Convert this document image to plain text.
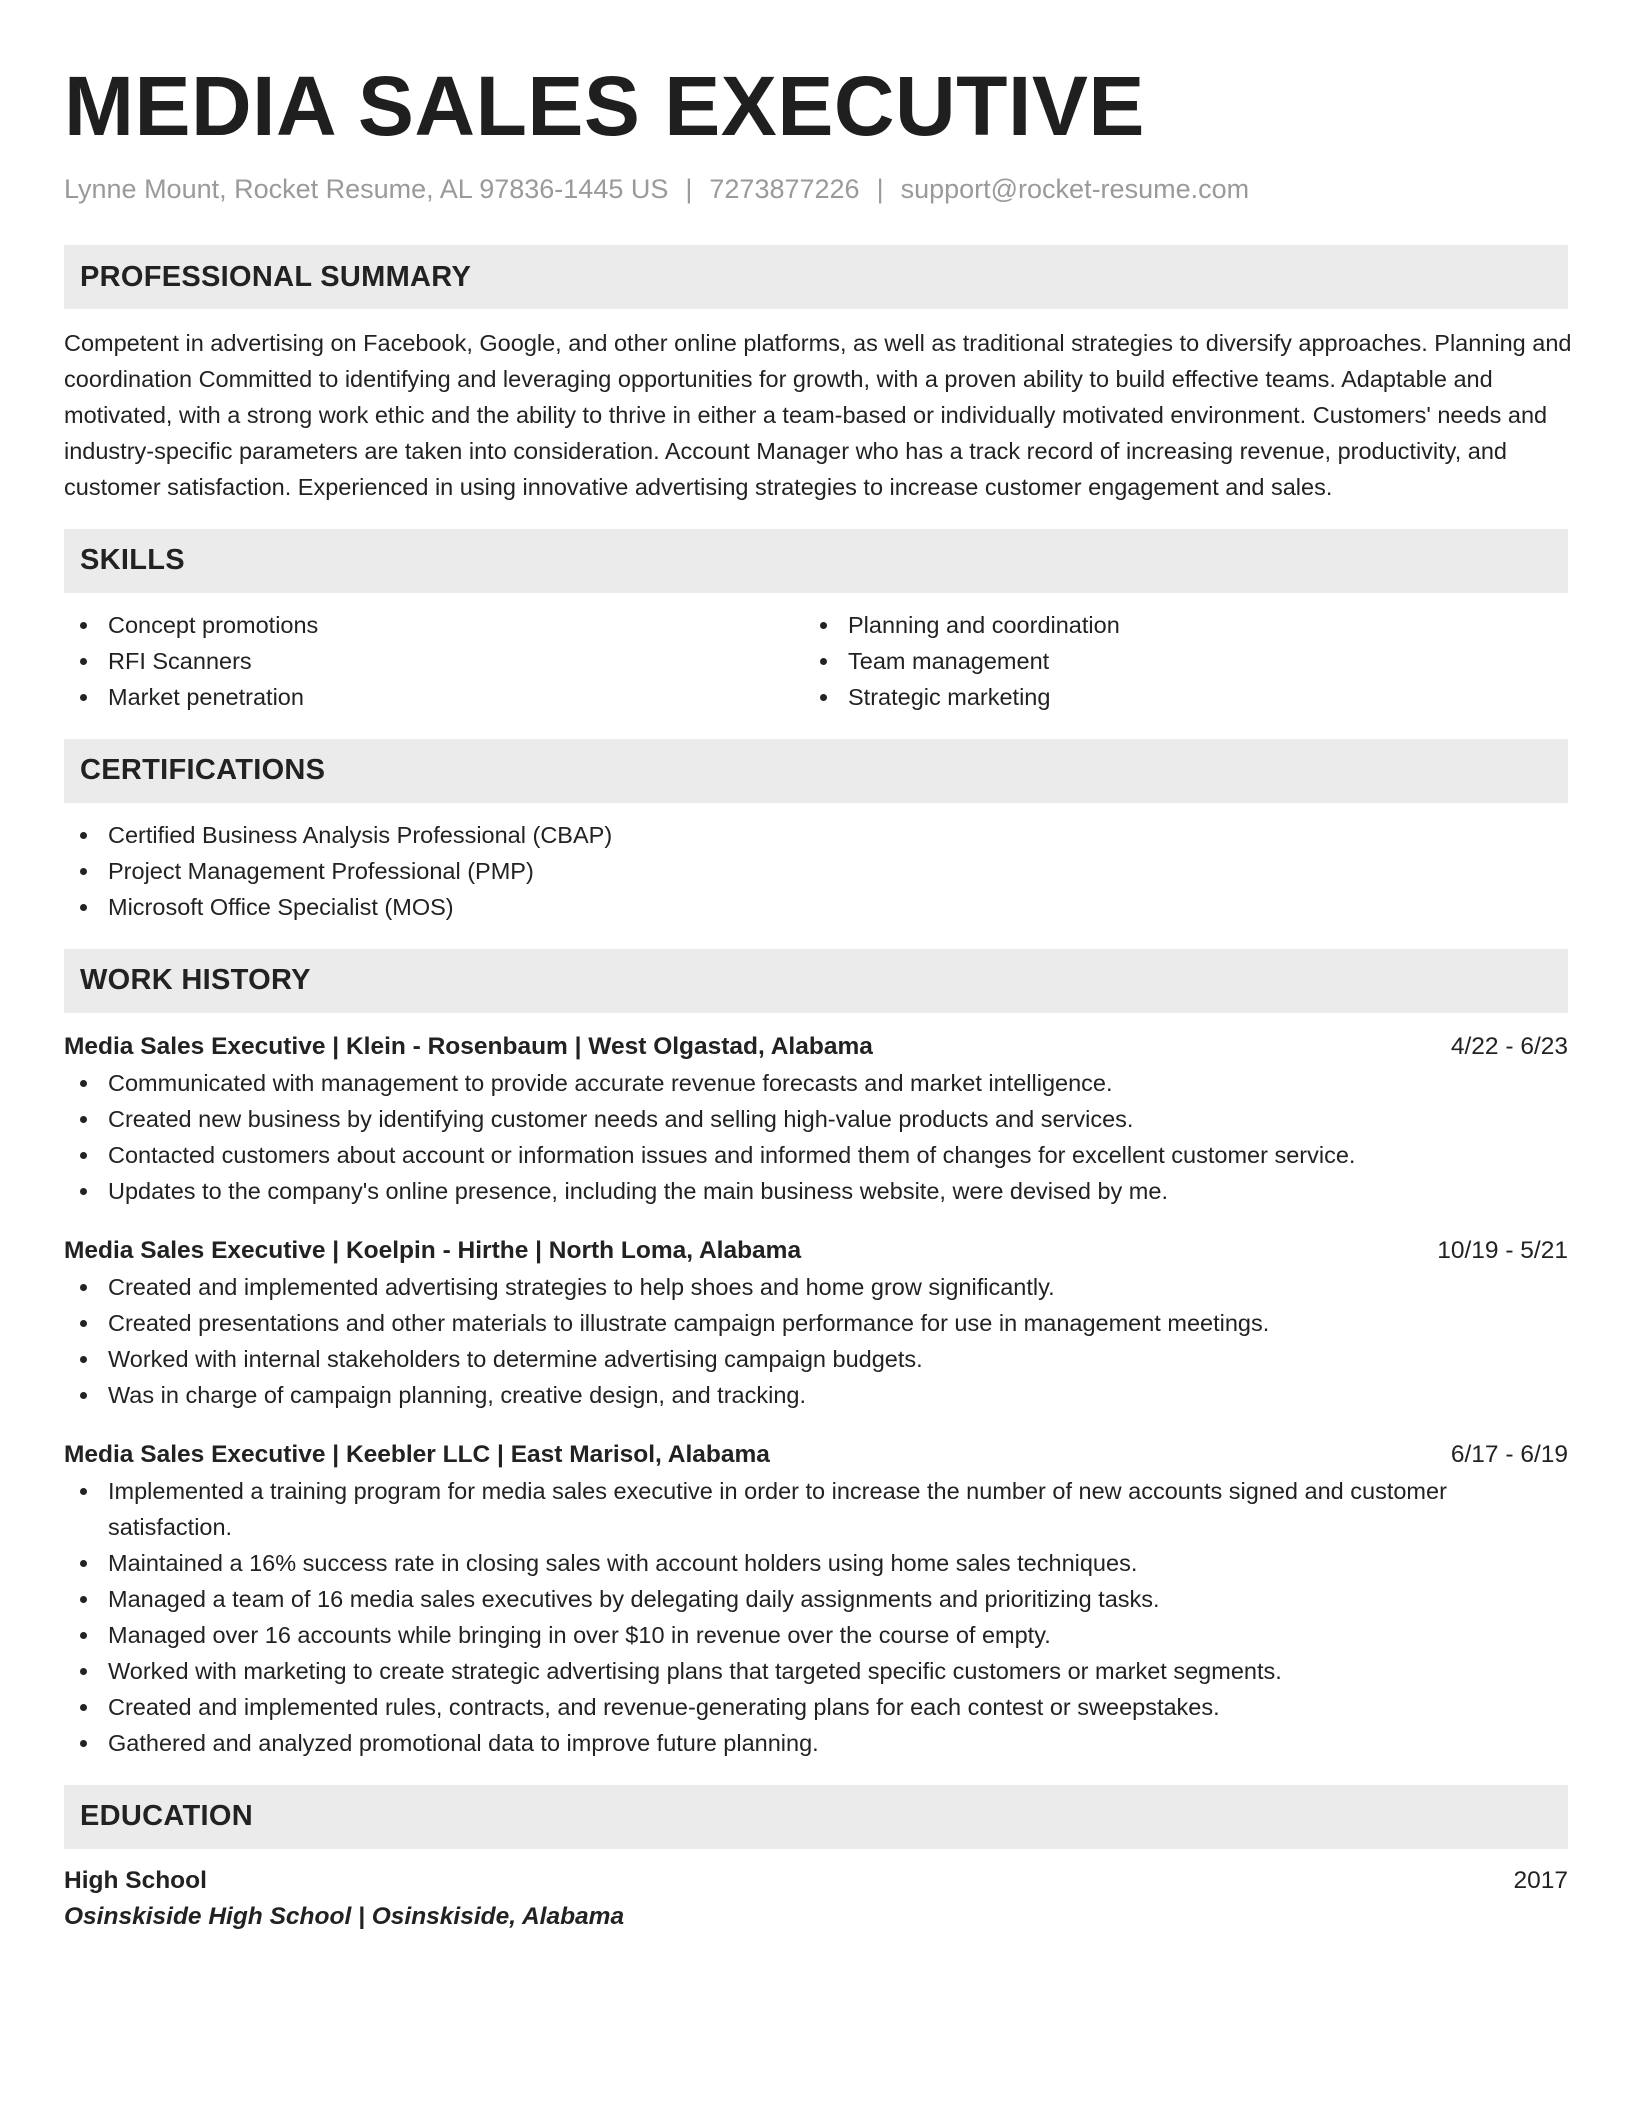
MEDIA SALES EXECUTIVE
Lynne Mount, Rocket Resume, AL 97836-1445 US | 7273877226 | support@rocket-resume.com
PROFESSIONAL SUMMARY

Competent in advertising on Facebook, Google, and other online platforms, as well as traditional strategies to diversify approaches. Planning and coordination Committed to identifying and leveraging opportunities for growth, with a proven ability to build effective teams. Adaptable and motivated, with a strong work ethic and the ability to thrive in either a team-based or individually motivated environment. Customers' needs and industry-specific parameters are taken into consideration. Account Manager who has a track record of increasing revenue, productivity, and customer satisfaction. Experienced in using innovative advertising strategies to increase customer engagement and sales.

SKILLS
Concept promotions
RFI Scanners
Market penetration
Planning and coordination
Team management
Strategic marketing
CERTIFICATIONS
Certified Business Analysis Professional (CBAP)
Project Management Professional (PMP)
Microsoft Office Specialist (MOS)
WORK HISTORY
Media Sales Executive | Klein - Rosenbaum | West Olgastad, Alabama	4/22 - 6/23
Communicated with management to provide accurate revenue forecasts and market intelligence.
Created new business by identifying customer needs and selling high-value products and services.
Contacted customers about account or information issues and informed them of changes for excellent customer service.
Updates to the company's online presence, including the main business website, were devised by me.
Media Sales Executive | Koelpin - Hirthe | North Loma, Alabama	10/19 - 5/21
Created and implemented advertising strategies to help shoes and home grow significantly.
Created presentations and other materials to illustrate campaign performance for use in management meetings.
Worked with internal stakeholders to determine advertising campaign budgets.
Was in charge of campaign planning, creative design, and tracking.
Media Sales Executive | Keebler LLC | East Marisol, Alabama	6/17 - 6/19
Implemented a training program for media sales executive in order to increase the number of new accounts signed and customer satisfaction.
Maintained a 16% success rate in closing sales with account holders using home sales techniques.
Managed a team of 16 media sales executives by delegating daily assignments and prioritizing tasks.
Managed over 16 accounts while bringing in over $10 in revenue over the course of empty.
Worked with marketing to create strategic advertising plans that targeted specific customers or market segments.
Created and implemented rules, contracts, and revenue-generating plans for each contest or sweepstakes.
Gathered and analyzed promotional data to improve future planning.
EDUCATION
High School	2017
Osinskiside High School | Osinskiside, Alabama
